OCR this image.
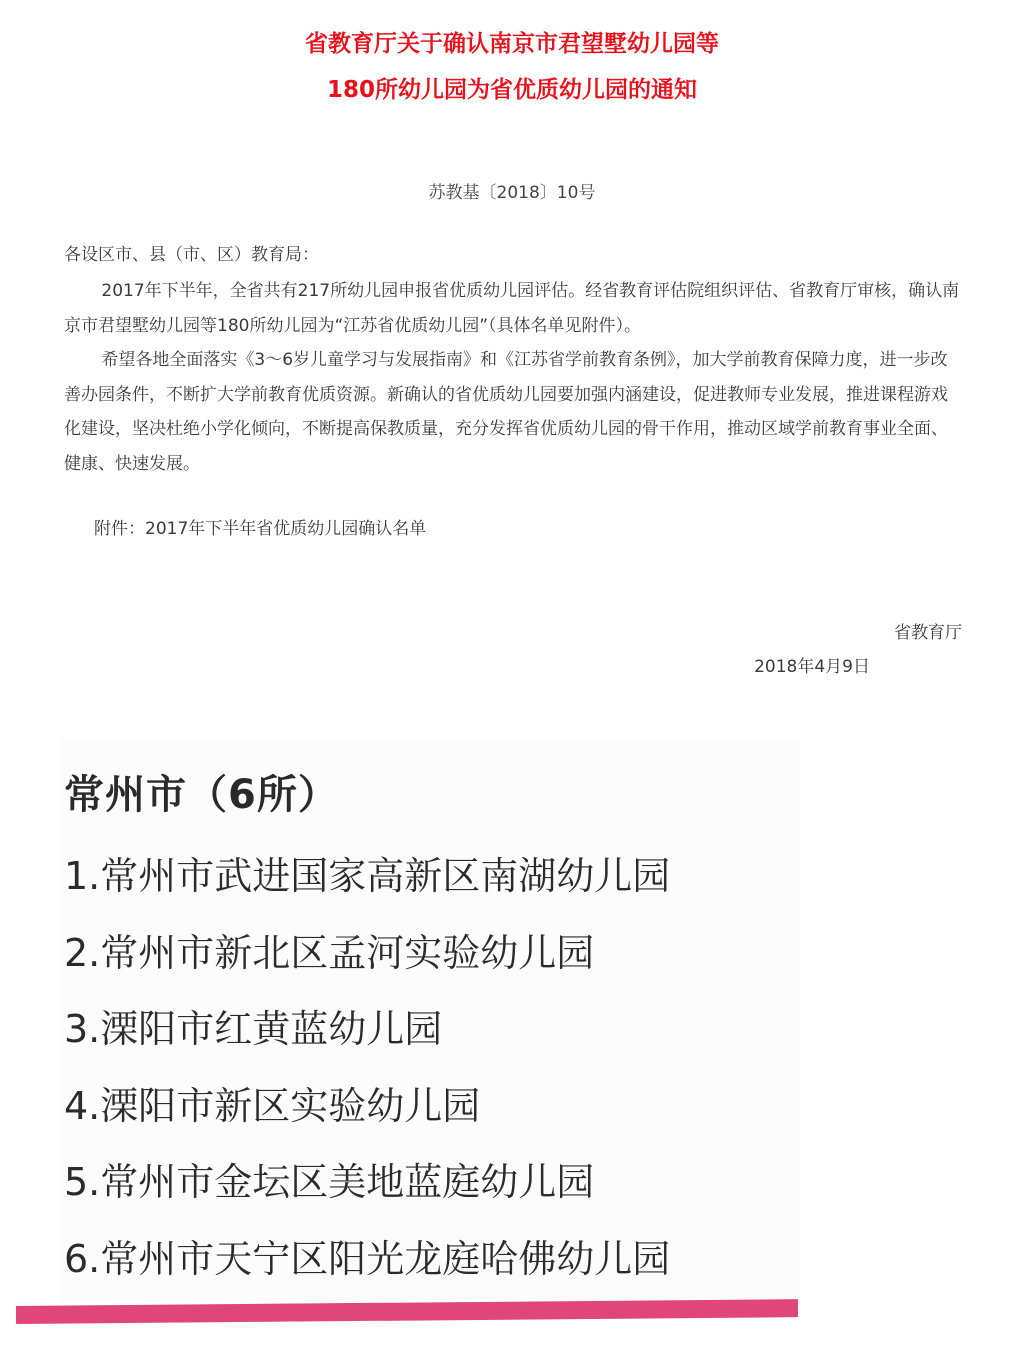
省教育厅关于确认南京市君望墅幼儿园等
180所幼儿园为省优质幼儿园的通知
苏教基〔2018〕10号
各设区市、县（市、区）教育局：
2017年下半年，全省共有217所幼儿园申报省优质幼儿园评估。经省教育评估院组织评估、省教育厅审核，确认南京市君望墅幼儿园等180所幼儿园为“江苏省优质幼儿园”（具体名单见附件）。
希望各地全面落实《3～6岁儿童学习与发展指南》和《江苏省学前教育条例》，加大学前教育保障力度，进一步改善办园条件，不断扩大学前教育优质资源。新确认的省优质幼儿园要加强内涵建设，促进教师专业发展，推进课程游戏化建设，坚决杜绝小学化倾向，不断提高保教质量，充分发挥省优质幼儿园的骨干作用，推动区域学前教育事业全面、健康、快速发展。
附件：2017年下半年省优质幼儿园确认名单
省教育厅
2018年4月9日
常州市（6所）
1.常州市武进国家高新区南湖幼儿园
2.常州市新北区孟河实验幼儿园
3.溧阳市红黄蓝幼儿园
4.溧阳市新区实验幼儿园
5.常州市金坛区美地蓝庭幼儿园
6.常州市天宁区阳光龙庭哈佛幼儿园
